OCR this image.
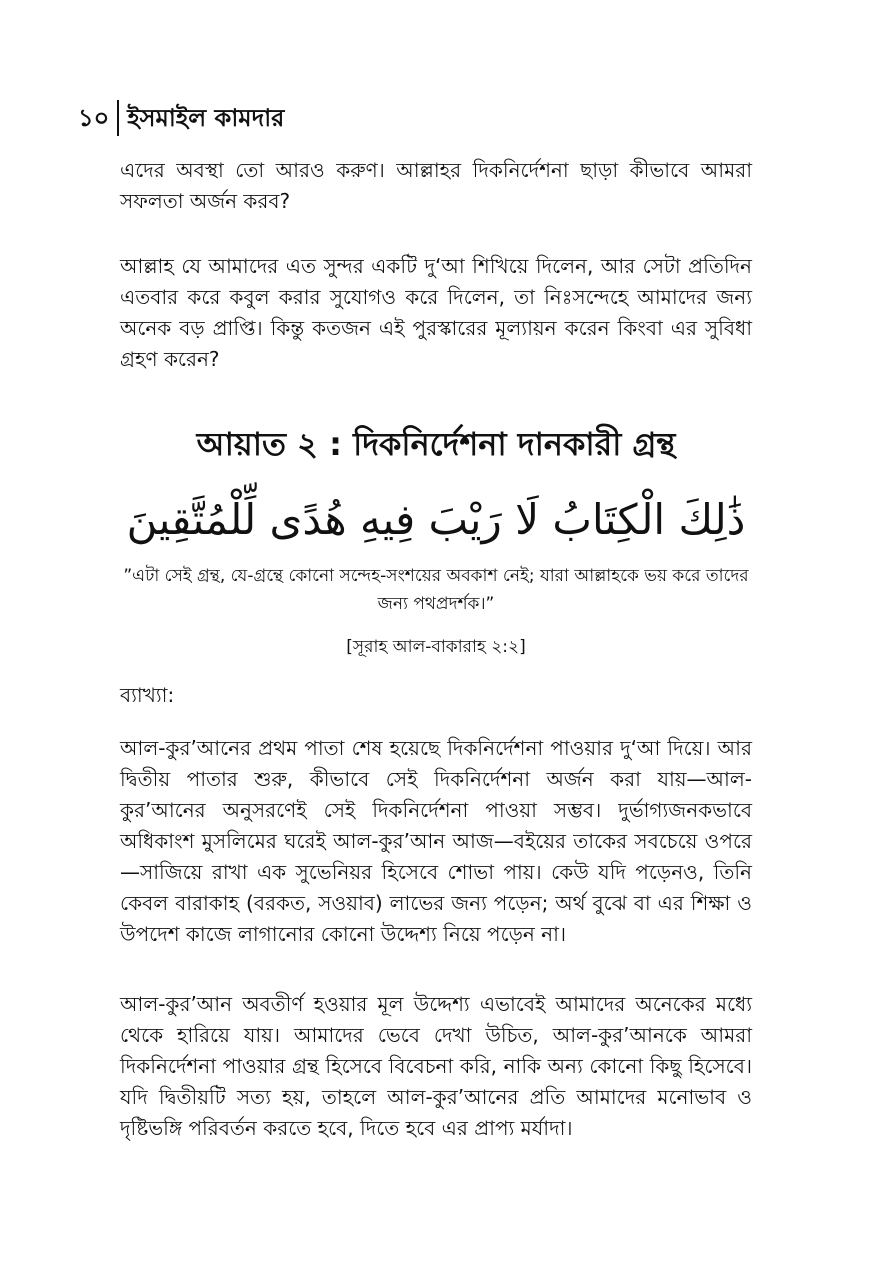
১০ ইসমাইল কামদার

এদের অবস্থা তো আরও করুণ। আল্লাহর দিকনির্দেশনা ছাড়া কীভাবে আমরা সফলতা অর্জন করব?

আল্লাহ যে আমাদের এত সুন্দর একটি দু‘আ শিখিয়ে দিলেন, আর সেটা প্রতিদিন এতবার করে কবুল করার সুযোগও করে দিলেন, তা নিঃসন্দেহে আমাদের জন্য অনেক বড় প্রাপ্তি। কিন্তু কতজন এই পুরস্কারের মূল্যায়ন করেন কিংবা এর সুবিধা গ্রহণ করেন?

আয়াত ২ : দিকনির্দেশনা দানকারী গ্রন্থ

ذَٰلِكَ الْكِتَابُ لَا رَيْبَ فِيهِ هُدًى لِّلْمُتَّقِينَ

”এটা সেই গ্রন্থ, যে-গ্রন্থে কোনো সন্দেহ-সংশয়ের অবকাশ নেই; যারা আল্লাহকে ভয় করে তাদের জন্য পথপ্রদর্শক।”

[সূরাহ আল-বাকারাহ ২:২]

ব্যাখ্যা:

আল-কুর’আনের প্রথম পাতা শেষ হয়েছে দিকনির্দেশনা পাওয়ার দু‘আ দিয়ে। আর দ্বিতীয় পাতার শুরু, কীভাবে সেই দিকনির্দেশনা অর্জন করা যায়—আল-কুর’আনের অনুসরণেই সেই দিকনির্দেশনা পাওয়া সম্ভব। দুর্ভাগ্যজনকভাবে অধিকাংশ মুসলিমের ঘরেই আল-কুর’আন আজ—বইয়ের তাকের সবচেয়ে ওপরে—সাজিয়ে রাখা এক সুভেনিয়র হিসেবে শোভা পায়। কেউ যদি পড়েনও, তিনি কেবল বারাকাহ (বরকত, সওয়াব) লাভের জন্য পড়েন; অর্থ বুঝে বা এর শিক্ষা ও উপদেশ কাজে লাগানোর কোনো উদ্দেশ্য নিয়ে পড়েন না।

আল-কুর’আন অবতীর্ণ হওয়ার মূল উদ্দেশ্য এভাবেই আমাদের অনেকের মধ্যে থেকে হারিয়ে যায়। আমাদের ভেবে দেখা উচিত, আল-কুর’আনকে আমরা দিকনির্দেশনা পাওয়ার গ্রন্থ হিসেবে বিবেচনা করি, নাকি অন্য কোনো কিছু হিসেবে। যদি দ্বিতীয়টি সত্য হয়, তাহলে আল-কুর’আনের প্রতি আমাদের মনোভাব ও দৃষ্টিভঙ্গি পরিবর্তন করতে হবে, দিতে হবে এর প্রাপ্য মর্যাদা।
